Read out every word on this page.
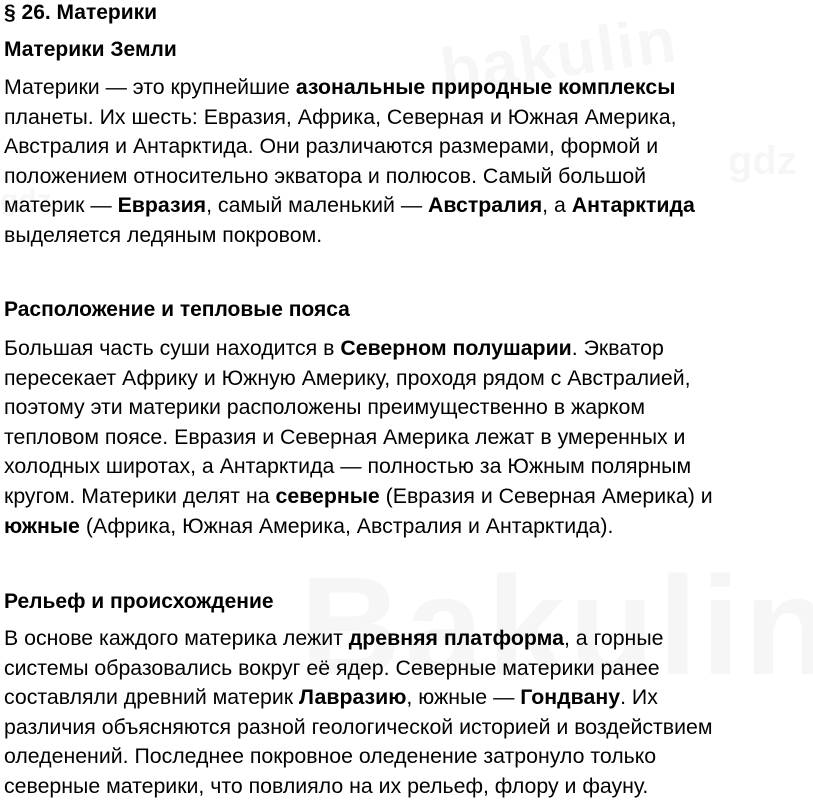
§ 26. Материки
Материки Земли
Материки — это крупнейшие азональные природные комплексы
планеты. Их шесть: Евразия, Африка, Северная и Южная Америка,
Австралия и Антарктида. Они различаются размерами, формой и
положением относительно экватора и полюсов. Самый большой
материк — Евразия, самый маленький — Австралия, а Антарктида
выделяется ледяным покровом.
Расположение и тепловые пояса
Большая часть суши находится в Северном полушарии. Экватор
пересекает Африку и Южную Америку, проходя рядом с Австралией,
поэтому эти материки расположены преимущественно в жарком
тепловом поясе. Евразия и Северная Америка лежат в умеренных и
холодных широтах, а Антарктида — полностью за Южным полярным
кругом. Материки делят на северные (Евразия и Северная Америка) и
южные (Африка, Южная Америка, Австралия и Антарктида).
Рельеф и происхождение
В основе каждого материка лежит древняя платформа, а горные
системы образовались вокруг её ядер. Северные материки ранее
составляли древний материк Лавразию, южные — Гондвану. Их
различия объясняются разной геологической историей и воздействием
оледенений. Последнее покровное оледенение затронуло только
северные материки, что повлияло на их рельеф, флору и фауну.
